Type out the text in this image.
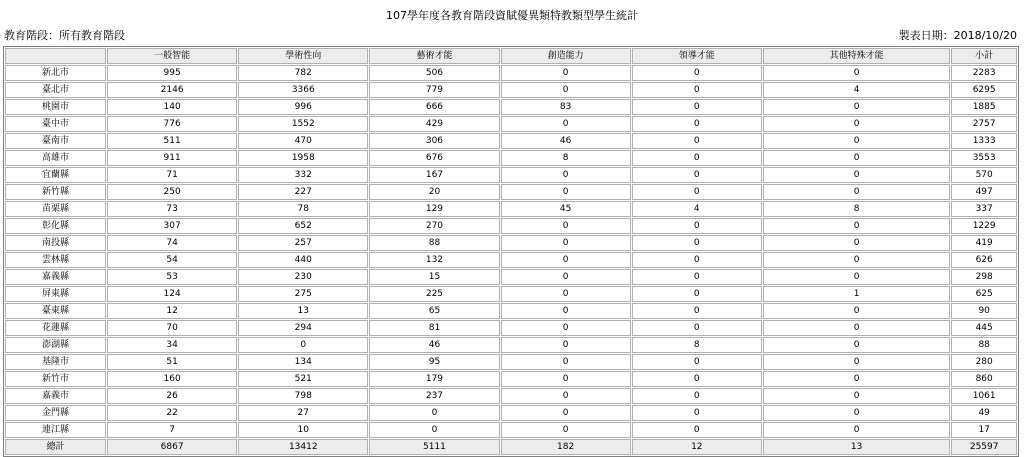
107學年度各教育階段資賦優異類特教類型學生統計
教育階段：所有教育階段	製表日期：2018/10/20
	一般智能	學術性向	藝術才能	創造能力	領導才能	其他特殊才能	小計
新北市	995	782	506	0	0	0	2283
臺北市	2146	3366	779	0	0	4	6295
桃園市	140	996	666	83	0	0	1885
臺中市	776	1552	429	0	0	0	2757
臺南市	511	470	306	46	0	0	1333
高雄市	911	1958	676	8	0	0	3553
宜蘭縣	71	332	167	0	0	0	570
新竹縣	250	227	20	0	0	0	497
苗栗縣	73	78	129	45	4	8	337
彰化縣	307	652	270	0	0	0	1229
南投縣	74	257	88	0	0	0	419
雲林縣	54	440	132	0	0	0	626
嘉義縣	53	230	15	0	0	0	298
屏東縣	124	275	225	0	0	1	625
臺東縣	12	13	65	0	0	0	90
花蓮縣	70	294	81	0	0	0	445
澎湖縣	34	0	46	0	8	0	88
基隆市	51	134	95	0	0	0	280
新竹市	160	521	179	0	0	0	860
嘉義市	26	798	237	0	0	0	1061
金門縣	22	27	0	0	0	0	49
連江縣	7	10	0	0	0	0	17
總計	6867	13412	5111	182	12	13	25597
